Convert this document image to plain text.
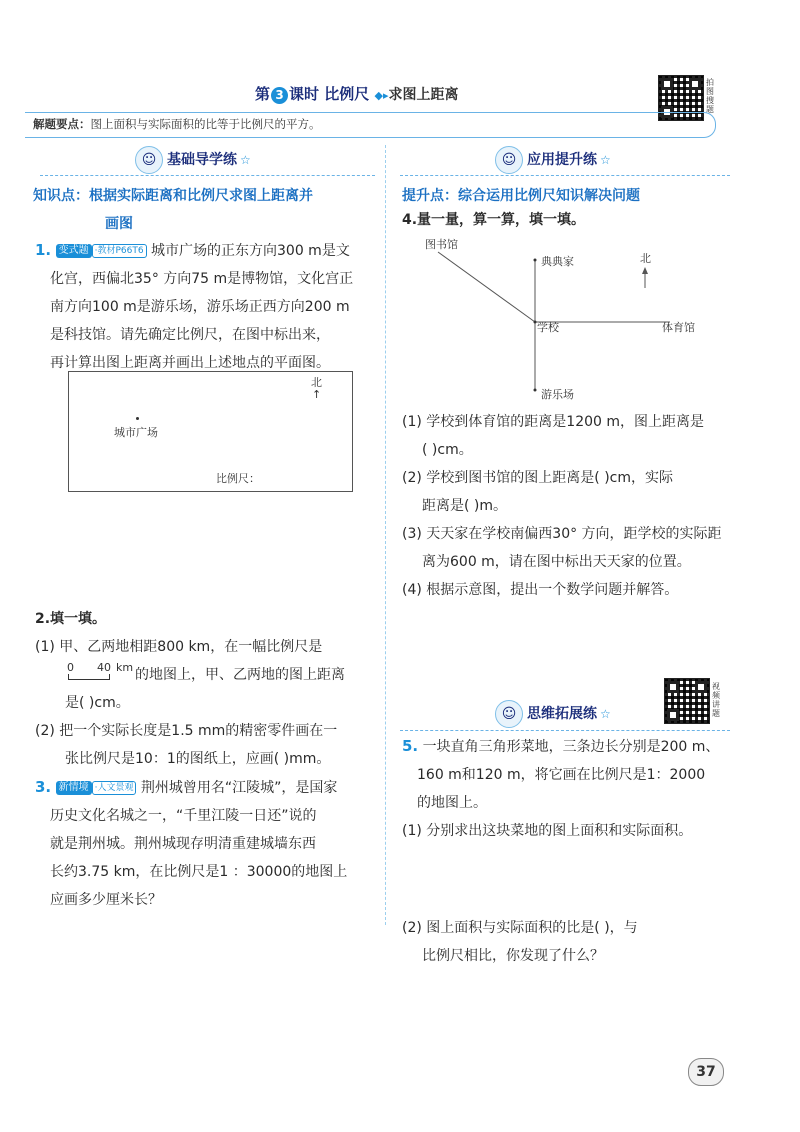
第 3 课时 比例尺 ◆▸求图上距离
拍图搜题
解题要点：图上面积与实际面积的比等于比例尺的平方。
☺ 基础导学练 ☆
知识点：根据实际距离和比例尺求图上距离并
画图
1. 变式题 ·教材P66T6 城市广场的正东方向300 m是文
化宫，西偏北35° 方向75 m是博物馆，文化宫正
南方向100 m是游乐场，游乐场正西方向200 m
是科技馆。请先确定比例尺，在图中标出来，
再计算出图上距离并画出上述地点的平面图。
北
↑
城市广场
比例尺：
2.填一填。
(1) 甲、乙两地相距800 km，在一幅比例尺是
0 40 km 的地图上，甲、乙两地的图上距离
是( )cm。
(2) 把一个实际长度是1.5 mm的精密零件画在一
张比例尺是10：1的图纸上，应画( )mm。
3. 新情境 ·人文景观 荆州城曾用名“江陵城”，是国家
历史文化名城之一，“千里江陵一日还”说的
就是荆州城。荆州城现存明清重建城墙东西
长约3.75 km，在比例尺是1 ：30000的地图上
应画多少厘米长？
☺ 应用提升练 ☆
提升点：综合运用比例尺知识解决问题
4.量一量，算一算，填一填。
图书馆
典典家	北
学校	体育馆
游乐场
(1) 学校到体育馆的距离是1200 m，图上距离是
( )cm。
(2) 学校到图书馆的图上距离是( )cm，实际
距离是( )m。
(3) 天天家在学校南偏西30° 方向，距学校的实际距
离为600 m，请在图中标出天天家的位置。
(4) 根据示意图，提出一个数学问题并解答。
☺ 思维拓展练 ☆
视频讲题
5. 一块直角三角形菜地，三条边长分别是200 m、
160 m和120 m，将它画在比例尺是1：2000
的地图上。
(1) 分别求出这块菜地的图上面积和实际面积。
(2) 图上面积与实际面积的比是( )，与
比例尺相比，你发现了什么？
37
